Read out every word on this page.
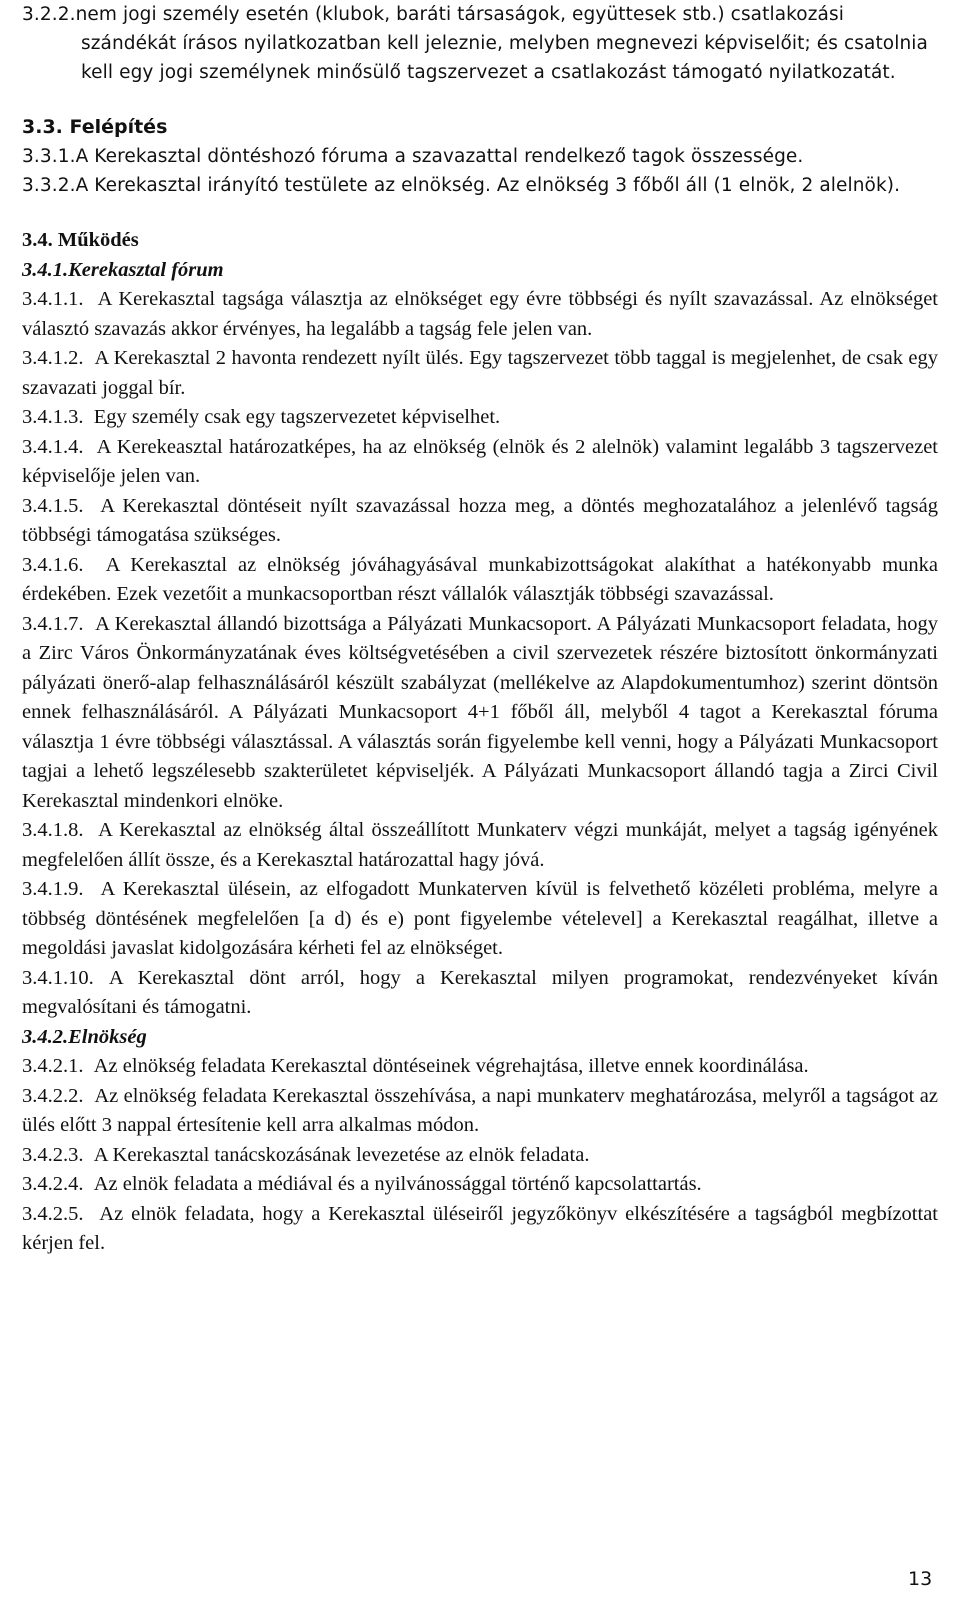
3.2.2.nem jogi személy esetén (klubok, baráti társaságok, együttesek stb.) csatlakozási szándékát írásos nyilatkozatban kell jeleznie, melyben megnevezi képviselőit; és csatolnia kell egy jogi személynek minősülő tagszervezet a csatlakozást támogató nyilatkozatát.

3.3. Felépítés

3.3.1.A Kerekasztal döntéshozó fóruma a szavazattal rendelkező tagok összessége.

3.3.2.A Kerekasztal irányító testülete az elnökség. Az elnökség 3 főből áll (1 elnök, 2 alelnök).

3.4. Működés

3.4.1.Kerekasztal fórum

3.4.1.1. A Kerekasztal tagsága választja az elnökséget egy évre többségi és nyílt szavazással. Az elnökséget választó szavazás akkor érvényes, ha legalább a tagság fele jelen van.

3.4.1.2. A Kerekasztal 2 havonta rendezett nyílt ülés. Egy tagszervezet több taggal is megjelenhet, de csak egy szavazati joggal bír.

3.4.1.3. Egy személy csak egy tagszervezetet képviselhet.

3.4.1.4. A Kerekeasztal határozatképes, ha az elnökség (elnök és 2 alelnök) valamint legalább 3 tagszervezet képviselője jelen van.

3.4.1.5. A Kerekasztal döntéseit nyílt szavazással hozza meg, a döntés meghozatalához a jelenlévő tagság többségi támogatása szükséges.

3.4.1.6. A Kerekasztal az elnökség jóváhagyásával munkabizottságokat alakíthat a hatékonyabb munka érdekében. Ezek vezetőit a munkacsoportban részt vállalók választják többségi szavazással.

3.4.1.7. A Kerekasztal állandó bizottsága a Pályázati Munkacsoport. A Pályázati Munkacsoport feladata, hogy a Zirc Város Önkormányzatának éves költségvetésében a civil szervezetek részére biztosított önkormányzati pályázati önerő-alap felhasználásáról készült szabályzat (mellékelve az Alapdokumentumhoz) szerint döntsön ennek felhasználásáról. A Pályázati Munkacsoport 4+1 főből áll, melyből 4 tagot a Kerekasztal fóruma választja 1 évre többségi választással. A választás során figyelembe kell venni, hogy a Pályázati Munkacsoport tagjai a lehető legszélesebb szakterületet képviseljék. A Pályázati Munkacsoport állandó tagja a Zirci Civil Kerekasztal mindenkori elnöke.

3.4.1.8. A Kerekasztal az elnökség által összeállított Munkaterv végzi munkáját, melyet a tagság igényének megfelelően állít össze, és a Kerekasztal határozattal hagy jóvá.

3.4.1.9. A Kerekasztal ülésein, az elfogadott Munkaterven kívül is felvethető közéleti probléma, melyre a többség döntésének megfelelően [a d) és e) pont figyelembe vételevel] a Kerekasztal reagálhat, illetve a megoldási javaslat kidolgozására kérheti fel az elnökséget.

3.4.1.10. A Kerekasztal dönt arról, hogy a Kerekasztal milyen programokat, rendezvényeket kíván megvalósítani és támogatni.

3.4.2.Elnökség

3.4.2.1. Az elnökség feladata Kerekasztal döntéseinek végrehajtása, illetve ennek koordinálása.

3.4.2.2. Az elnökség feladata Kerekasztal összehívása, a napi munkaterv meghatározása, melyről a tagságot az ülés előtt 3 nappal értesítenie kell arra alkalmas módon.

3.4.2.3. A Kerekasztal tanácskozásának levezetése az elnök feladata.

3.4.2.4. Az elnök feladata a médiával és a nyilvánossággal történő kapcsolattartás.

3.4.2.5. Az elnök feladata, hogy a Kerekasztal üléseiről jegyzőkönyv elkészítésére a tagságból megbízottat kérjen fel.

13
